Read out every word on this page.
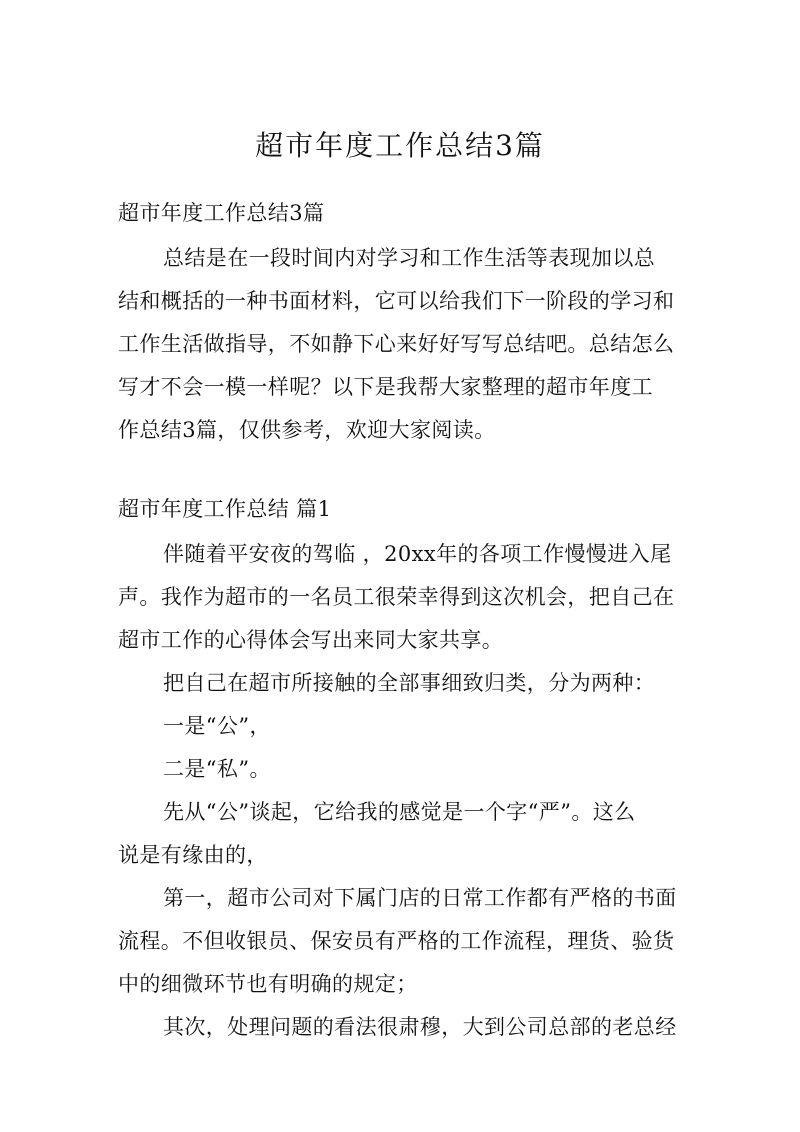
超市年度工作总结3篇
超市年度工作总结3篇
总结是在一段时间内对学习和工作生活等表现加以总
结和概括的一种书面材料，它可以给我们下一阶段的学习和
工作生活做指导，不如静下心来好好写写总结吧。总结怎么
写才不会一模一样呢？以下是我帮大家整理的超市年度工
作总结3篇，仅供参考，欢迎大家阅读。
超市年度工作总结 篇1
伴随着平安夜的驾临 ，20xx年的各项工作慢慢进入尾
声。我作为超市的一名员工很荣幸得到这次机会，把自己在
超市工作的心得体会写出来同大家共享。
把自己在超市所接触的全部事细致归类，分为两种：
一是“公”，
二是“私”。
先从“公”谈起，它给我的感觉是一个字“严”。这么
说是有缘由的，
第一，超市公司对下属门店的日常工作都有严格的书面
流程。不但收银员、保安员有严格的工作流程，理货、验货
中的细微环节也有明确的规定；
其次，处理问题的看法很肃穆，大到公司总部的老总经
